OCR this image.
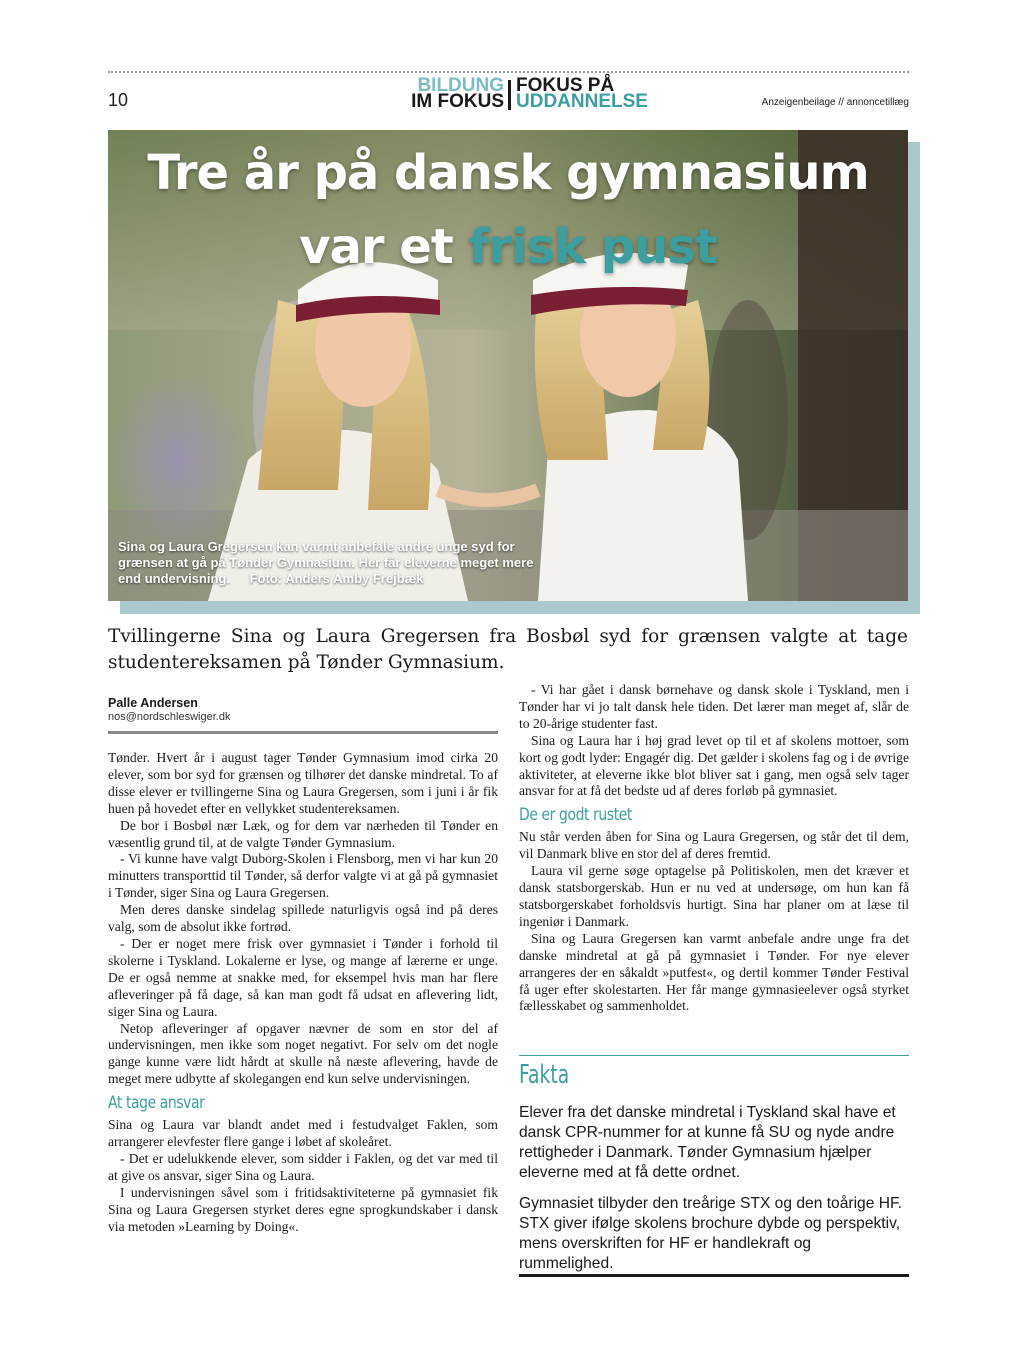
10
BILDUNG
IM FOKUS
FOKUS PÅ
UDDANNELSE	Anzeigenbeilage // annoncetillæg
Tre år på dansk gymnasium
var et frisk pust
Sina og Laura Gregersen kan varmt anbefale andre unge syd for grænsen at gå på Tønder Gymnasium. Her får eleverne meget mere end undervisning. Foto: Anders Amby Frejbæk
Tvillingerne Sina og Laura Gregersen fra Bosbøl syd for grænsen valgte at tage studentereksamen på Tønder Gymnasium.
Palle Andersen
nos@nordschleswiger.dk

Tønder. Hvert år i august tager Tønder Gymnasium imod cirka 20 elever, som bor syd for grænsen og tilhører det danske mindretal. To af disse elever er tvillingerne Sina og Laura Gregersen, som i juni i år fik huen på hovedet efter en vellykket studentereksamen.

De bor i Bosbøl nær Læk, og for dem var nærheden til Tønder en væsentlig grund til, at de valgte Tønder Gymnasium.

- Vi kunne have valgt Duborg-Skolen i Flensborg, men vi har kun 20 minutters transporttid til Tønder, så derfor valgte vi at gå på gymnasiet i Tønder, siger Sina og Laura Gregersen.

Men deres danske sindelag spillede naturligvis også ind på deres valg, som de absolut ikke fortrød.

- Der er noget mere frisk over gymnasiet i Tønder i forhold til skolerne i Tyskland. Lokalerne er lyse, og mange af lærerne er unge. De er også nemme at snakke med, for eksempel hvis man har flere afleveringer på få dage, så kan man godt få udsat en aflevering lidt, siger Sina og Laura.

Netop afleveringer af opgaver nævner de som en stor del af undervisningen, men ikke som noget negativt. For selv om det nogle gange kunne være lidt hårdt at skulle nå næste aflevering, havde de meget mere udbytte af skolegangen end kun selve undervisningen.

At tage ansvar

Sina og Laura var blandt andet med i festudvalget Faklen, som arrangerer elevfester flere gange i løbet af skoleåret.

- Det er udelukkende elever, som sidder i Faklen, og det var med til at give os ansvar, siger Sina og Laura.

I undervisningen såvel som i fritidsaktiviteterne på gymnasiet fik Sina og Laura Gregersen styrket deres egne sprogkundskaber i dansk via metoden »Learning by Doing«.

- Vi har gået i dansk børnehave og dansk skole i Tyskland, men i Tønder har vi jo talt dansk hele tiden. Det lærer man meget af, slår de to 20-årige studenter fast.

Sina og Laura har i høj grad levet op til et af skolens mottoer, som kort og godt lyder: Engagér dig. Det gælder i skolens fag og i de øvrige aktiviteter, at eleverne ikke blot bliver sat i gang, men også selv tager ansvar for at få det bedste ud af deres forløb på gymnasiet.

De er godt rustet

Nu står verden åben for Sina og Laura Gregersen, og står det til dem, vil Danmark blive en stor del af deres fremtid.

Laura vil gerne søge optagelse på Politiskolen, men det kræver et dansk statsborgerskab. Hun er nu ved at undersøge, om hun kan få statsborgerskabet forholdsvis hurtigt. Sina har planer om at læse til ingeniør i Danmark.

Sina og Laura Gregersen kan varmt anbefale andre unge fra det danske mindretal at gå på gymnasiet i Tønder. For nye elever arrangeres der en såkaldt »putfest«, og dertil kommer Tønder Festival få uger efter skolestarten. Her får mange gymnasieelever også styrket fællesskabet og sammenholdet.

Fakta

Elever fra det danske mindretal i Tyskland skal have et dansk CPR-nummer for at kunne få SU og nyde andre rettigheder i Danmark. Tønder Gymnasium hjælper eleverne med at få dette ordnet.

Gymnasiet tilbyder den treårige STX og den toårige HF. STX giver ifølge skolens brochure dybde og perspektiv, mens overskriften for HF er handlekraft og rummelighed.
